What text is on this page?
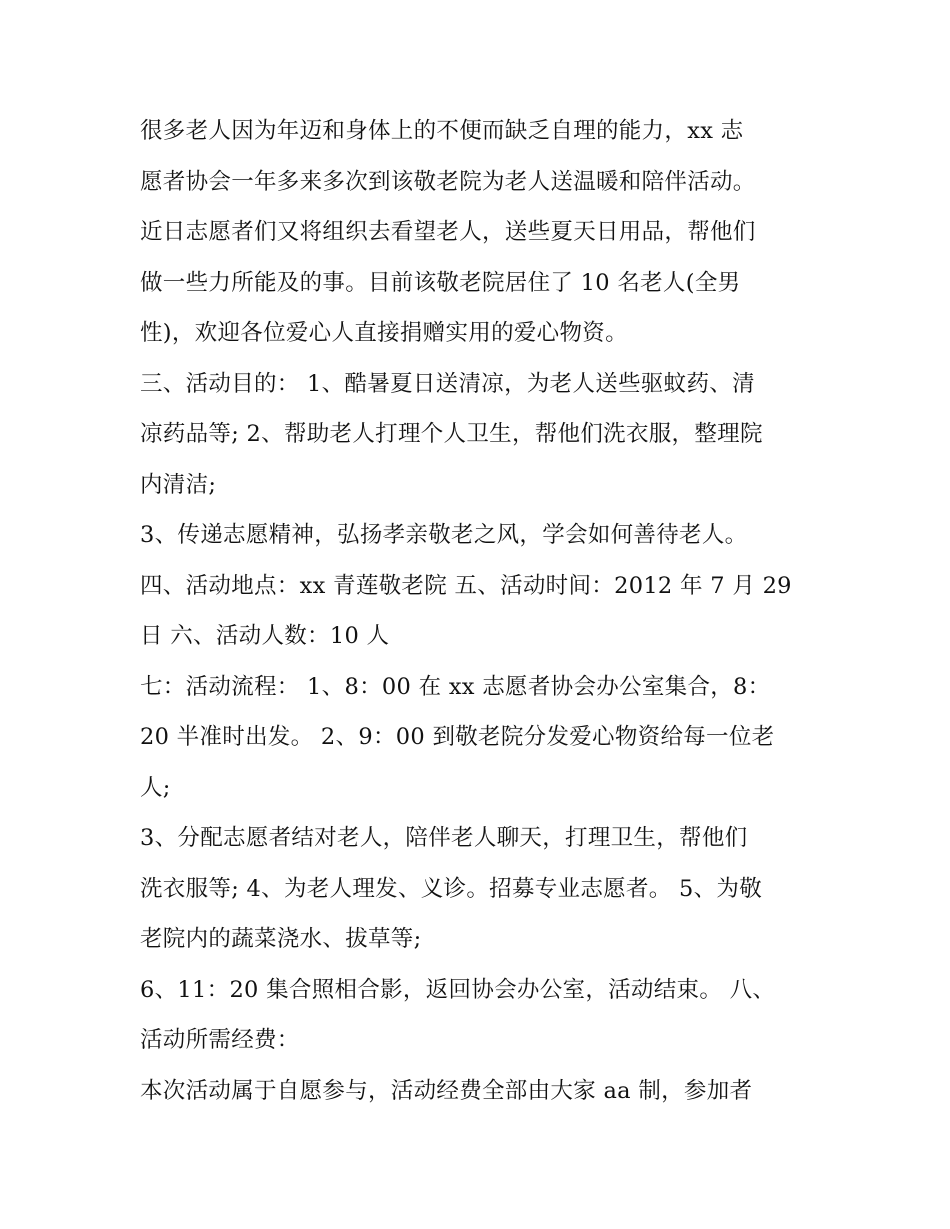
很多老人因为年迈和身体上的不便而缺乏自理的能力，xx 志
愿者协会一年多来多次到该敬老院为老人送温暖和陪伴活动。
近日志愿者们又将组织去看望老人，送些夏天日用品，帮他们
做一些力所能及的事。目前该敬老院居住了 10 名老人(全男
性)，欢迎各位爱心人直接捐赠实用的爱心物资。
三、活动目的： 1、酷暑夏日送清凉，为老人送些驱蚊药、清
凉药品等; 2、帮助老人打理个人卫生，帮他们洗衣服，整理院
内清洁;
3、传递志愿精神，弘扬孝亲敬老之风，学会如何善待老人。
四、活动地点：xx 青莲敬老院 五、活动时间：2012 年 7 月 29
日 六、活动人数：10 人
七：活动流程： 1、8：00 在 xx 志愿者协会办公室集合，8：
20 半准时出发。 2、9：00 到敬老院分发爱心物资给每一位老
人;
3、分配志愿者结对老人，陪伴老人聊天，打理卫生，帮他们
洗衣服等; 4、为老人理发、义诊。招募专业志愿者。 5、为敬
老院内的蔬菜浇水、拔草等;
6、11：20 集合照相合影，返回协会办公室，活动结束。 八、
活动所需经费：
本次活动属于自愿参与，活动经费全部由大家 aa 制，参加者
